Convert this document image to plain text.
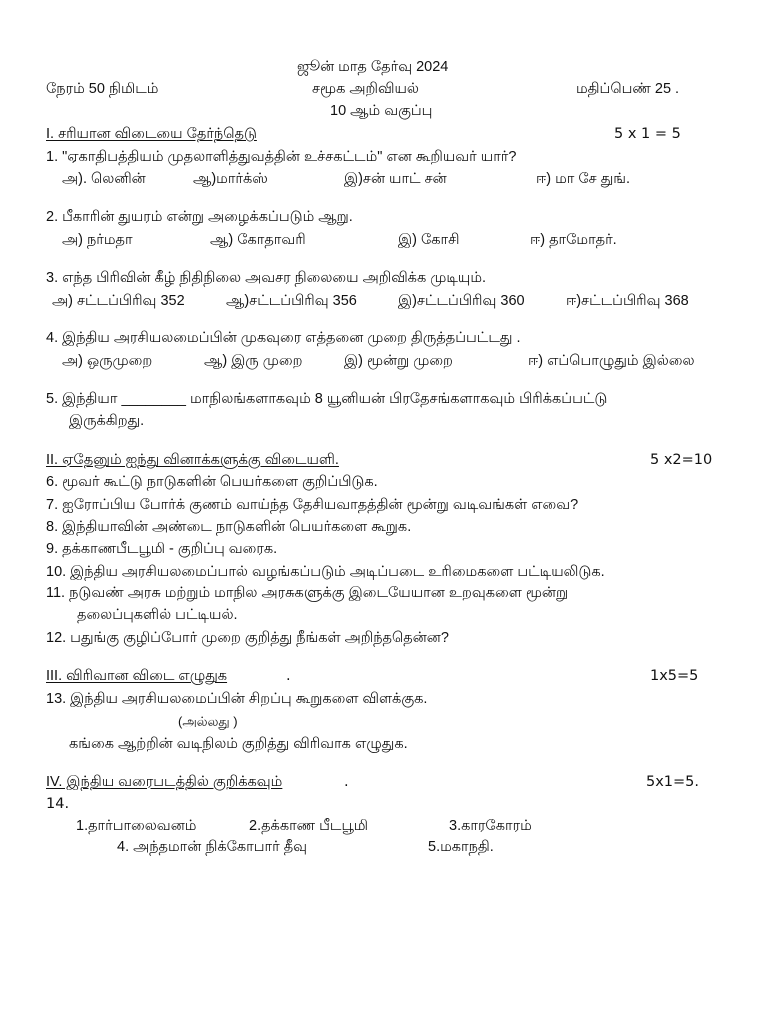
ஜூன் மாத தேர்வு 2024
நேரம் 50 நிமிடம்	சமூக அறிவியல்	மதிப்பெண் 25 .
10 ஆம் வகுப்பு
I. சரியான விடையை தேர்ந்தெடு	5 x 1 = 5
1. "ஏகாதிபத்தியம் முதலாளித்துவத்தின் உச்சகட்டம்" என கூறியவர் யார்?
அ). லெனின்	ஆ)மார்க்ஸ்	இ)சன் யாட் சன்	ஈ) மா சே துங்.
2. பீகாரின் துயரம் என்று அழைக்கப்படும் ஆறு.
அ) நர்மதா	ஆ) கோதாவரி	இ) கோசி	ஈ) தாமோதர்.
3. எந்த பிரிவின் கீழ் நிதிநிலை அவசர நிலையை அறிவிக்க முடியும்.
அ) சட்டப்பிரிவு 352	ஆ)சட்டப்பிரிவு 356	இ)சட்டப்பிரிவு 360	ஈ)சட்டப்பிரிவு 368
4. இந்திய அரசியலமைப்பின் முகவுரை எத்தனை முறை திருத்தப்பட்டது .
அ) ஒருமுறை	ஆ) இரு முறை	இ) மூன்று முறை	ஈ) எப்பொழுதும் இல்லை
5. இந்தியா ________ மாநிலங்களாகவும் 8 யூனியன் பிரதேசங்களாகவும் பிரிக்கப்பட்டு
இருக்கிறது.
II. ஏதேனும் ஐந்து வினாக்களுக்கு விடையளி.	5 x2=10
6. மூவர் கூட்டு நாடுகளின் பெயர்களை குறிப்பிடுக.
7. ஐரோப்பிய போர்க் குணம் வாய்ந்த தேசியவாதத்தின் மூன்று வடிவங்கள் எவை?
8. இந்தியாவின் அண்டை நாடுகளின் பெயர்களை கூறுக.
9. தக்காணபீடபூமி - குறிப்பு வரைக.
10. இந்திய அரசியலமைப்பால் வழங்கப்படும் அடிப்படை உரிமைகளை பட்டியலிடுக.
11. நடுவண் அரசு மற்றும் மாநில அரசுகளுக்கு இடையேயான உறவுகளை மூன்று
தலைப்புகளில் பட்டியல்.
12. பதுங்கு குழிப்போர் முறை குறித்து நீங்கள் அறிந்ததென்ன?
III. விரிவான விடை எழுதுக	.	1x5=5
13. இந்திய அரசியலமைப்பின் சிறப்பு கூறுகளை விளக்குக.
(அல்லது )
கங்கை ஆற்றின் வடிநிலம் குறித்து விரிவாக எழுதுக.
IV. இந்திய வரைபடத்தில் குறிக்கவும்	.	5x1=5.
14.
1.தார்பாலைவனம்	2.தக்காண பீடபூமி	3.காரகோரம்
4. அந்தமான் நிக்கோபார் தீவு	5.மகாநதி.
